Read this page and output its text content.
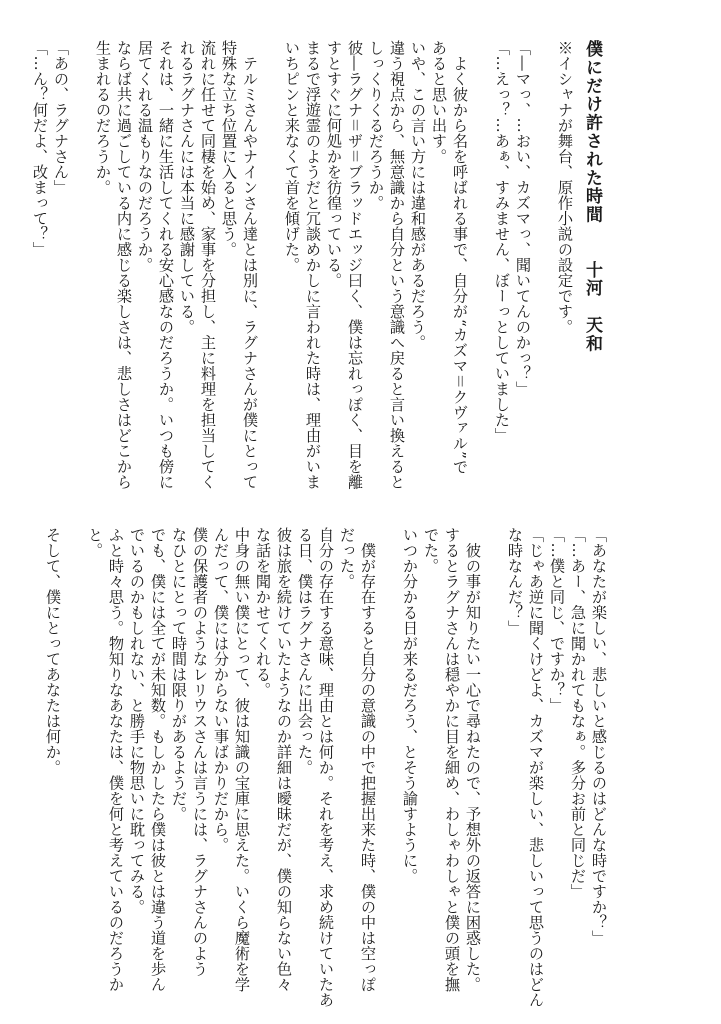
僕にだけ許された時間　　十河　天和
※イシャナが舞台、原作小説の設定です。

「―マっ、…おい、カズマっ、聞いてんのかっ？」
「…えっ？…あぁ、すみません、ぼーっとしていました」

　よく彼から名を呼ばれる事で、自分が“カズマ＝クヴァル”で
あると思い出す。
いや、この言い方には違和感があるだろう。
違う視点から、無意識から自分という意識へ戻ると言い換えると
しっくりくるだろうか。
彼―ラグナ＝ザ＝ブラッドエッジ曰く、僕は忘れっぽく、目を離
すとすぐに何処かを彷徨っている。
まるで浮遊霊のようだと冗談めかしに言われた時は、理由がいま
いちピンと来なくて首を傾げた。

　テルミさんやナインさん達とは別に、ラグナさんが僕にとって
特殊な立ち位置に入ると思う。
流れに任せて同棲を始め、家事を分担し、主に料理を担当してく
れるラグナさんには本当に感謝している。
それは、一緒に生活してくれる安心感なのだろうか。いつも傍に
居てくれる温もりなのだろうか。
ならば共に過ごしている内に感じる楽しさは、悲しさはどこから
生まれるのだろうか。

「あの、ラグナさん」
「…ん？何だよ、改まって？」
「あなたが楽しい、悲しいと感じるのはどんな時ですか？」
「…あー、急に聞かれてもなぁ。多分お前と同じだ」
「…僕と同じ、ですか？」
「じゃあ逆に聞くけどよ、カズマが楽しい、悲しいって思うのはどん
な時なんだ？」

　彼の事が知りたい一心で尋ねたので、予想外の返答に困惑した。
するとラグナさんは穏やかに目を細め、わしゃわしゃと僕の頭を撫
でた。
いつか分かる日が来るだろう、とそう諭すように。

　僕が存在すると自分の意識の中で把握出来た時、僕の中は空っぽ
だった。
自分の存在する意味、理由とは何か。それを考え、求め続けていたあ
る日、僕はラグナさんに出会った。
彼は旅を続けていたようなのか詳細は曖昧だが、僕の知らない色々
な話を聞かせてくれる。
中身の無い僕にとって、彼は知識の宝庫に思えた。いくら魔術を学
んだって、僕には分からない事ばかりだから。
僕の保護者のようなレリウスさんは言うには、ラグナさんのよう
なひとにとって時間は限りがあるようだ。
でも、僕には全てが未知数。もしかしたら僕は彼とは違う道を歩ん
でいるのかもしれない、と勝手に物思いに耽ってみる。
ふと時々思う。物知りなあなたは、僕を何と考えているのだろうか
と。

そして、僕にとってあなたは何か。
